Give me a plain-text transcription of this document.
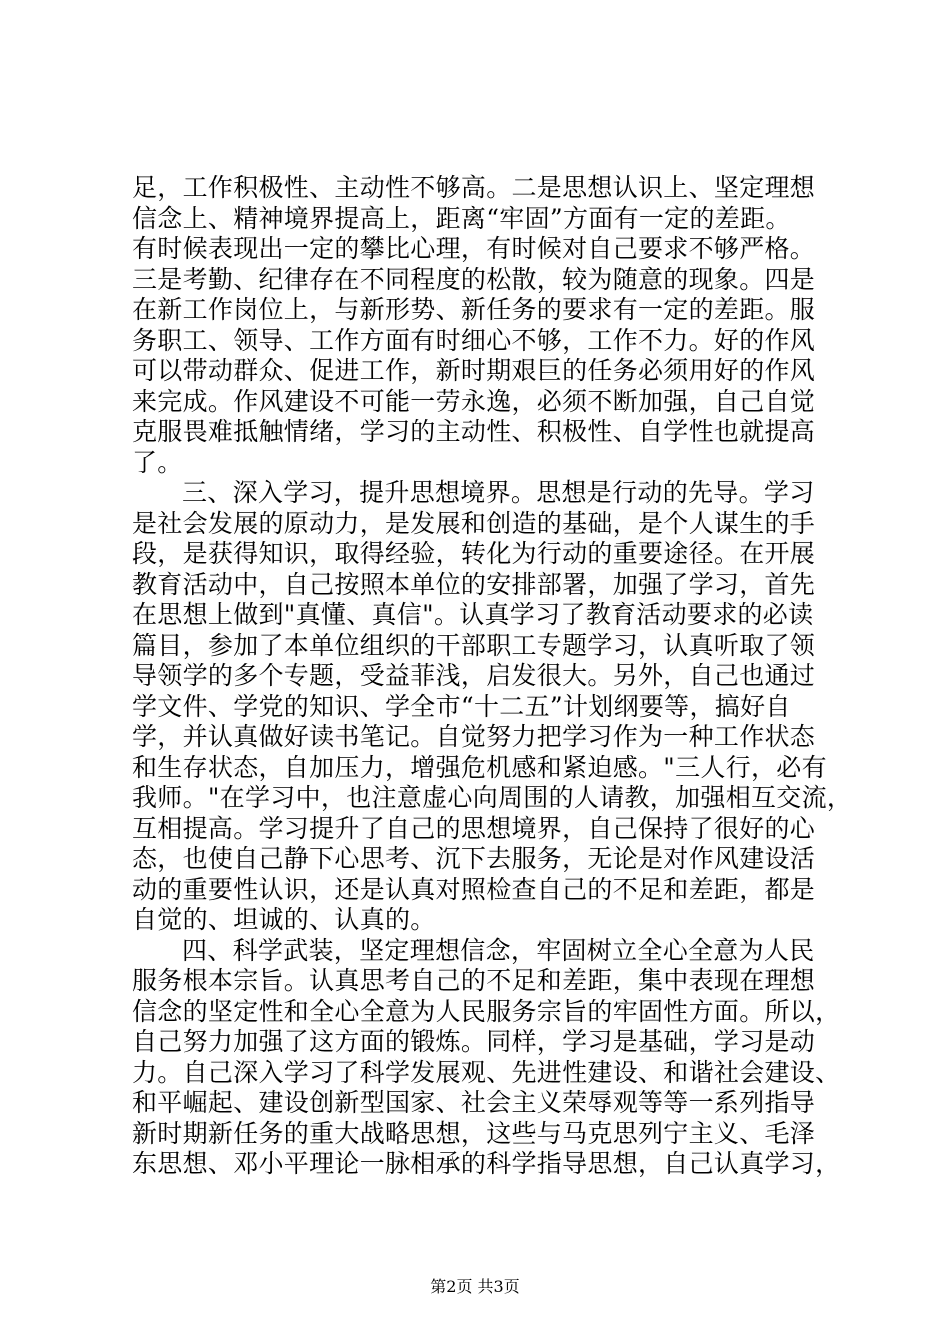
足，工作积极性、主动性不够高。二是思想认识上、坚定理想
信念上、精神境界提高上，距离“牢固”方面有一定的差距。
有时候表现出一定的攀比心理，有时候对自己要求不够严格。
三是考勤、纪律存在不同程度的松散，较为随意的现象。四是
在新工作岗位上，与新形势、新任务的要求有一定的差距。服
务职工、领导、工作方面有时细心不够，工作不力。好的作风
可以带动群众、促进工作，新时期艰巨的任务必须用好的作风
来完成。作风建设不可能一劳永逸，必须不断加强，自己自觉
克服畏难抵触情绪，学习的主动性、积极性、自学性也就提高
了。
三、深入学习，提升思想境界。思想是行动的先导。学习
是社会发展的原动力，是发展和创造的基础，是个人谋生的手
段，是获得知识，取得经验，转化为行动的重要途径。在开展
教育活动中，自己按照本单位的安排部署，加强了学习，首先
在思想上做到"真懂、真信"。认真学习了教育活动要求的必读
篇目，参加了本单位组织的干部职工专题学习，认真听取了领
导领学的多个专题，受益菲浅，启发很大。另外，自己也通过
学文件、学党的知识、学全市“十二五”计划纲要等，搞好自
学，并认真做好读书笔记。自觉努力把学习作为一种工作状态
和生存状态，自加压力，增强危机感和紧迫感。"三人行，必有
我师。"在学习中，也注意虚心向周围的人请教，加强相互交流，
互相提高。学习提升了自己的思想境界，自己保持了很好的心
态，也使自己静下心思考、沉下去服务，无论是对作风建设活
动的重要性认识，还是认真对照检查自己的不足和差距，都是
自觉的、坦诚的、认真的。
四、科学武装，坚定理想信念，牢固树立全心全意为人民
服务根本宗旨。认真思考自己的不足和差距，集中表现在理想
信念的坚定性和全心全意为人民服务宗旨的牢固性方面。所以，
自己努力加强了这方面的锻炼。同样，学习是基础，学习是动
力。自己深入学习了科学发展观、先进性建设、和谐社会建设、
和平崛起、建设创新型国家、社会主义荣辱观等等一系列指导
新时期新任务的重大战略思想，这些与马克思列宁主义、毛泽
东思想、邓小平理论一脉相承的科学指导思想，自己认真学习，
第2页 共3页
